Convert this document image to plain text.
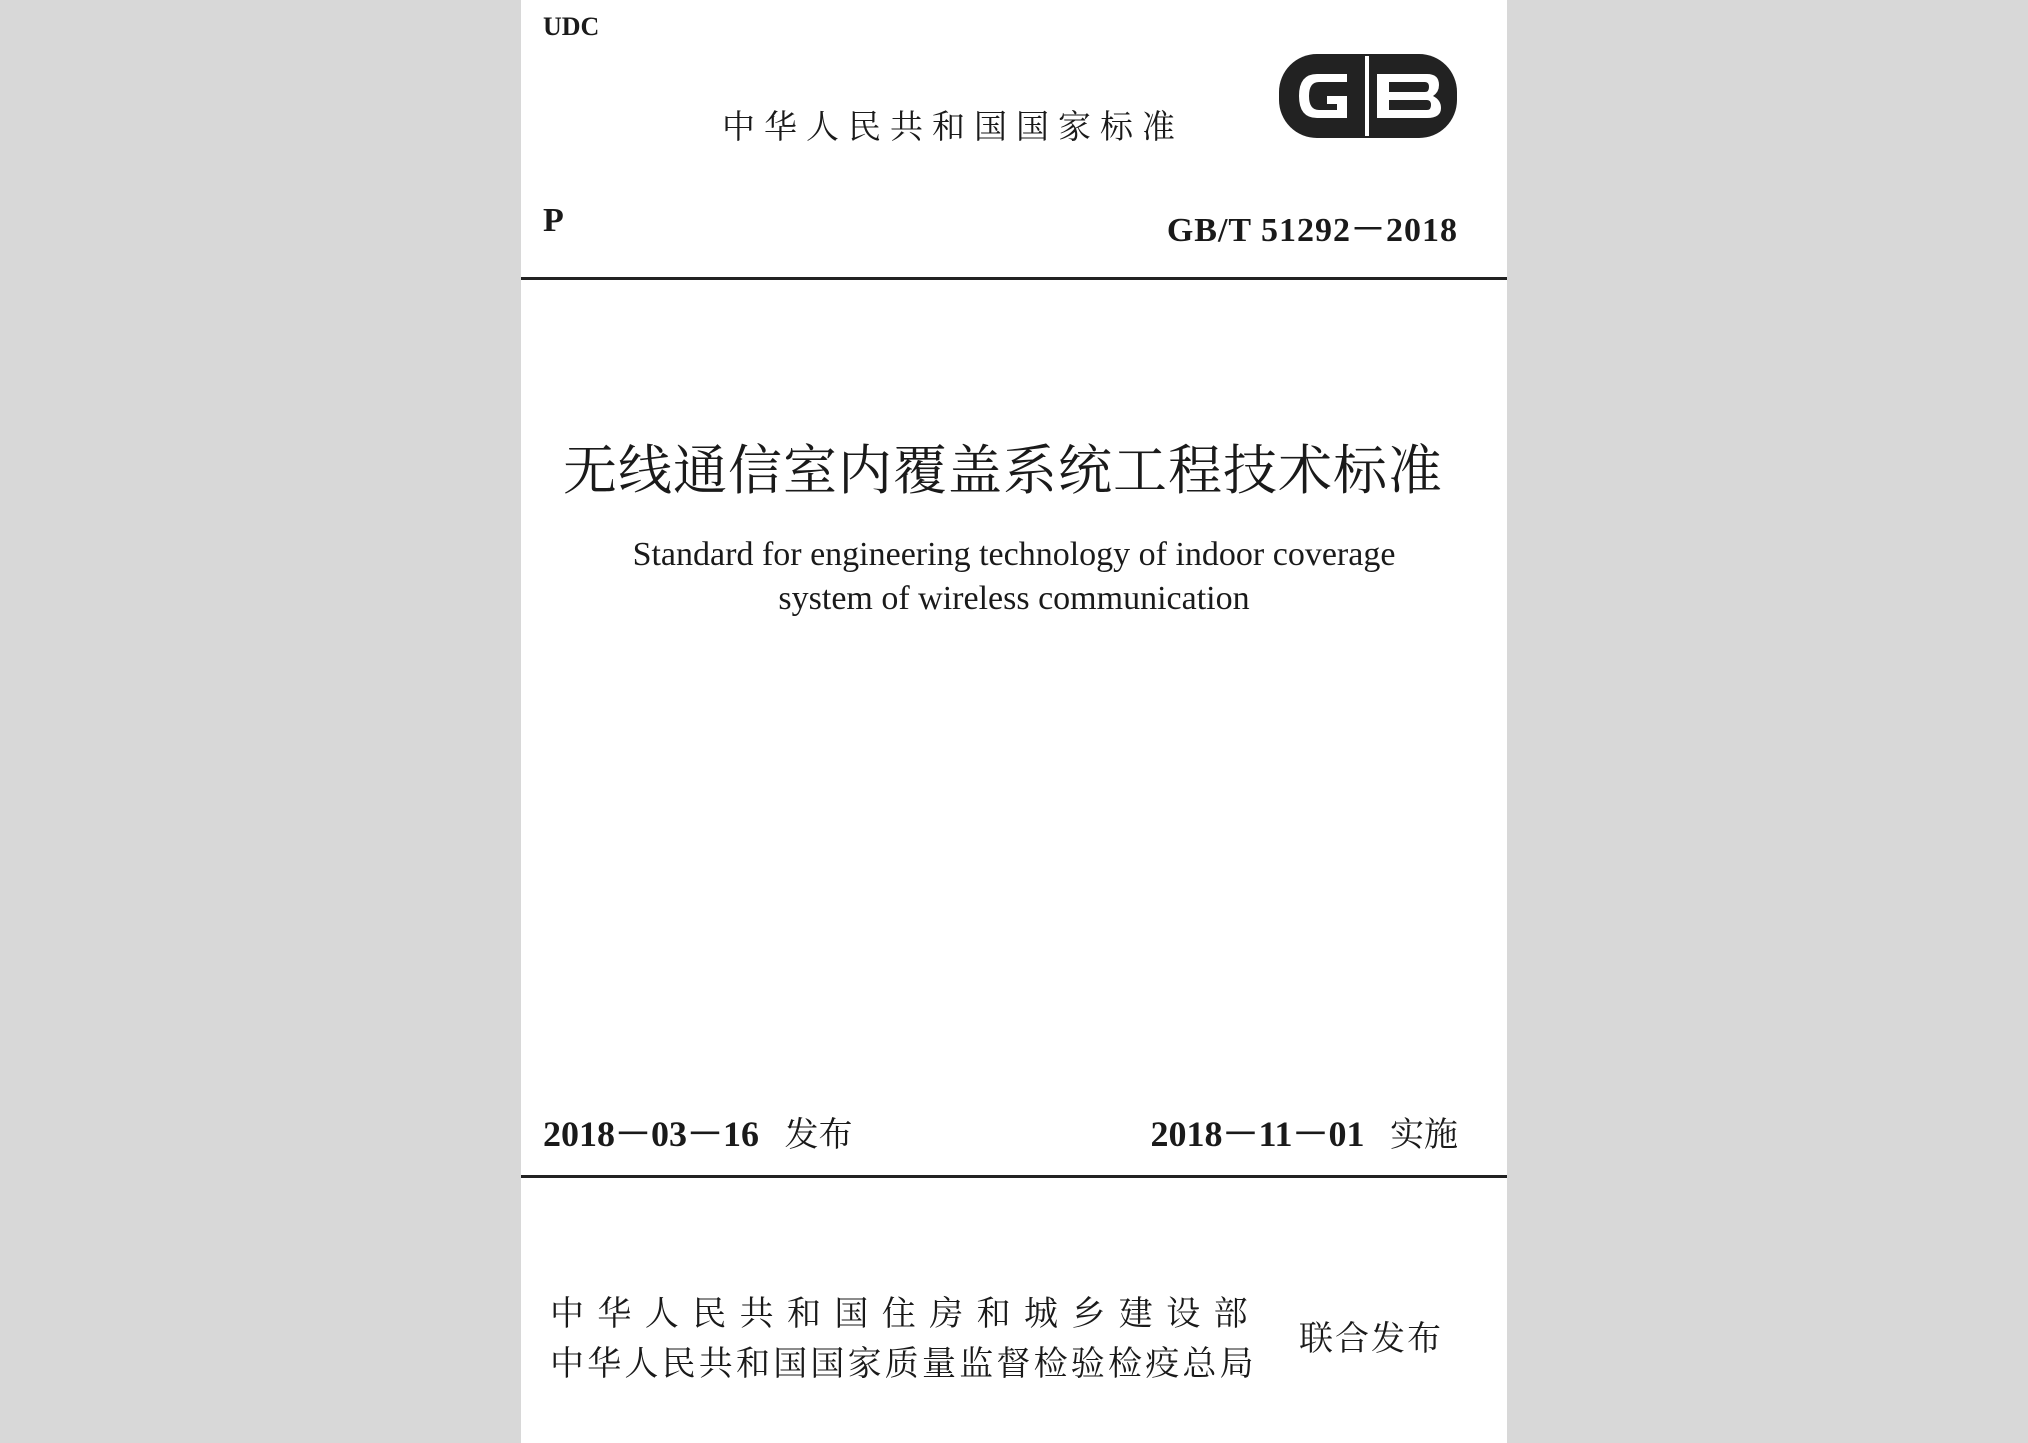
UDC
中华人民共和国国家标准
P	GB/T 51292－2018
无线通信室内覆盖系统工程技术标准
Standard for engineering technology of indoor coverage
system of wireless communication
2018－03－16 发布	2018－11－01 实施
中华人民共和国住房和城乡建设部
中华人民共和国国家质量监督检验检疫总局
联合发布
